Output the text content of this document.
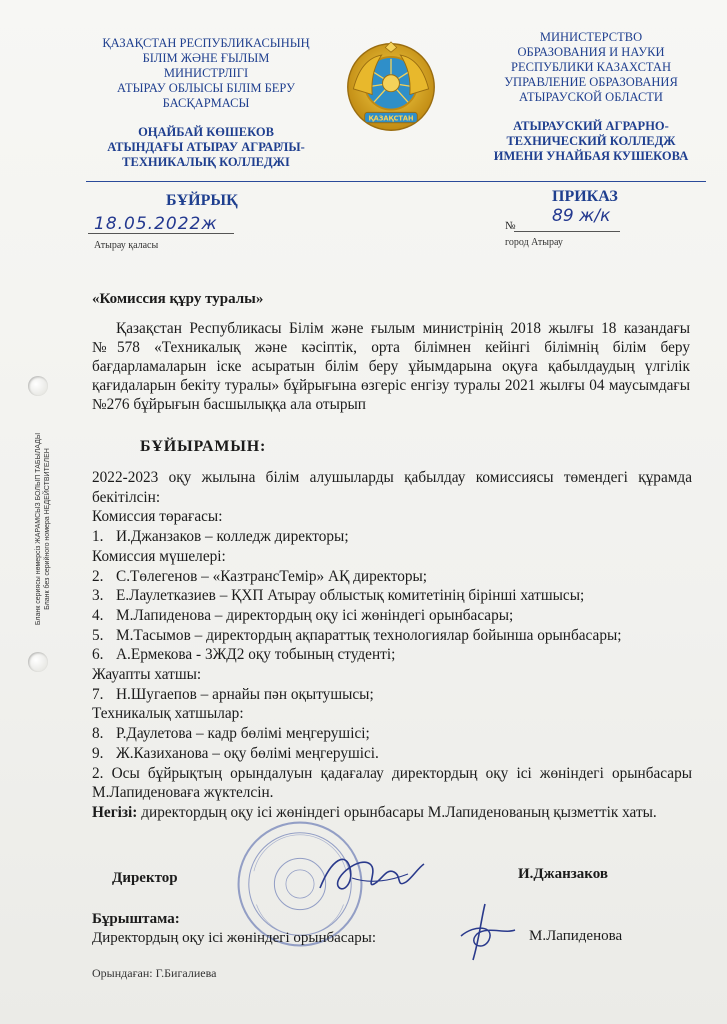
ҚАЗАҚСТАН РЕСПУБЛИКАСЫНЫҢ
БІЛІМ ЖӘНЕ ҒЫЛЫМ
МИНИСТРЛІГІ
АТЫРАУ ОБЛЫСЫ БІЛІМ БЕРУ
БАСҚАРМАСЫ
ОҢАЙБАЙ КӨШЕКОВ
АТЫНДАҒЫ АТЫРАУ АГРАРЛЫ-
ТЕХНИКАЛЫҚ КОЛЛЕДЖІ
ҚАЗАҚСТАН
МИНИСТЕРСТВО
ОБРАЗОВАНИЯ И НАУКИ
РЕСПУБЛИКИ КАЗАХСТАН
УПРАВЛЕНИЕ ОБРАЗОВАНИЯ
АТЫРАУСКОЙ ОБЛАСТИ
АТЫРАУСКИЙ АГРАРНО-
ТЕХНИЧЕСКИЙ КОЛЛЕДЖ
ИМЕНИ УНАЙБАЯ КУШЕКОВА
БҰЙРЫҚ	ПРИКАЗ
18.05.2022ж
Атырау қаласы
№ 89 ж/к
город Атырау
«Комиссия құру туралы»
Қазақстан Республикасы Білім және ғылым министрінің 2018 жылғы 18 казандағы №578 «Техникалық және кәсіптік, орта білімнен кейінгі білімнің білім беру бағдарламаларын іске асыратын білім беру ұйымдарына оқуға қабылдаудың үлгілік қағидаларын бекіту туралы» бұйрығына өзгеріс енгізу туралы 2021 жылғы 04 маусымдағы №276 бұйрығын басшылыққа ала отырып
БҰЙЫРАМЫН:

2022-2023 оқу жылына білім алушыларды қабылдау комиссиясы төмендегі құрамда бекітілсін:

Комиссия төрағасы:
1. И.Джанзаков – колледж директоры;
Комиссия мүшелері:
2. С.Төлегенов – «КазтрансТемір» АҚ директоры;
3. Е.Лаулетказиев – ҚХП Атырау облыстық комитетінің бірінші хатшысы;
4. М.Лапиденова – директордың оқу ісі жөніндегі орынбасары;
5. М.Тасымов – директордың ақпараттық технологиялар бойынша орынбасары;
6. А.Ермекова - 3ЖД2 оқу тобының студенті;
Жауапты хатшы:
7. Н.Шугаепов – арнайы пән оқытушысы;
Техникалық хатшылар:
8. Р.Даулетова – кадр бөлімі меңгерушісі;
9. Ж.Казиханова – оқу бөлімі меңгерушісі.

2. Осы бұйрықтың орындалуын қадағалау директордың оқу ісі жөніндегі орынбасары М.Лапиденоваға жүктелсін.

Негізі: директордың оқу ісі жөніндегі орынбасары М.Лапиденованың қызметтік хаты.

Директор	И.Джанзаков
Бұрыштама:
Директордың оқу ісі жөніндегі орынбасары:	М.Лапиденова
Орындаған: Г.Бигалиева
Бланк сериясы нөмерсіз ЖАРАМСЫЗ БОЛЫП ТАБЫЛАДЫ Бланк без серийного номера НЕДЕЙСТВИТЕЛЕН
